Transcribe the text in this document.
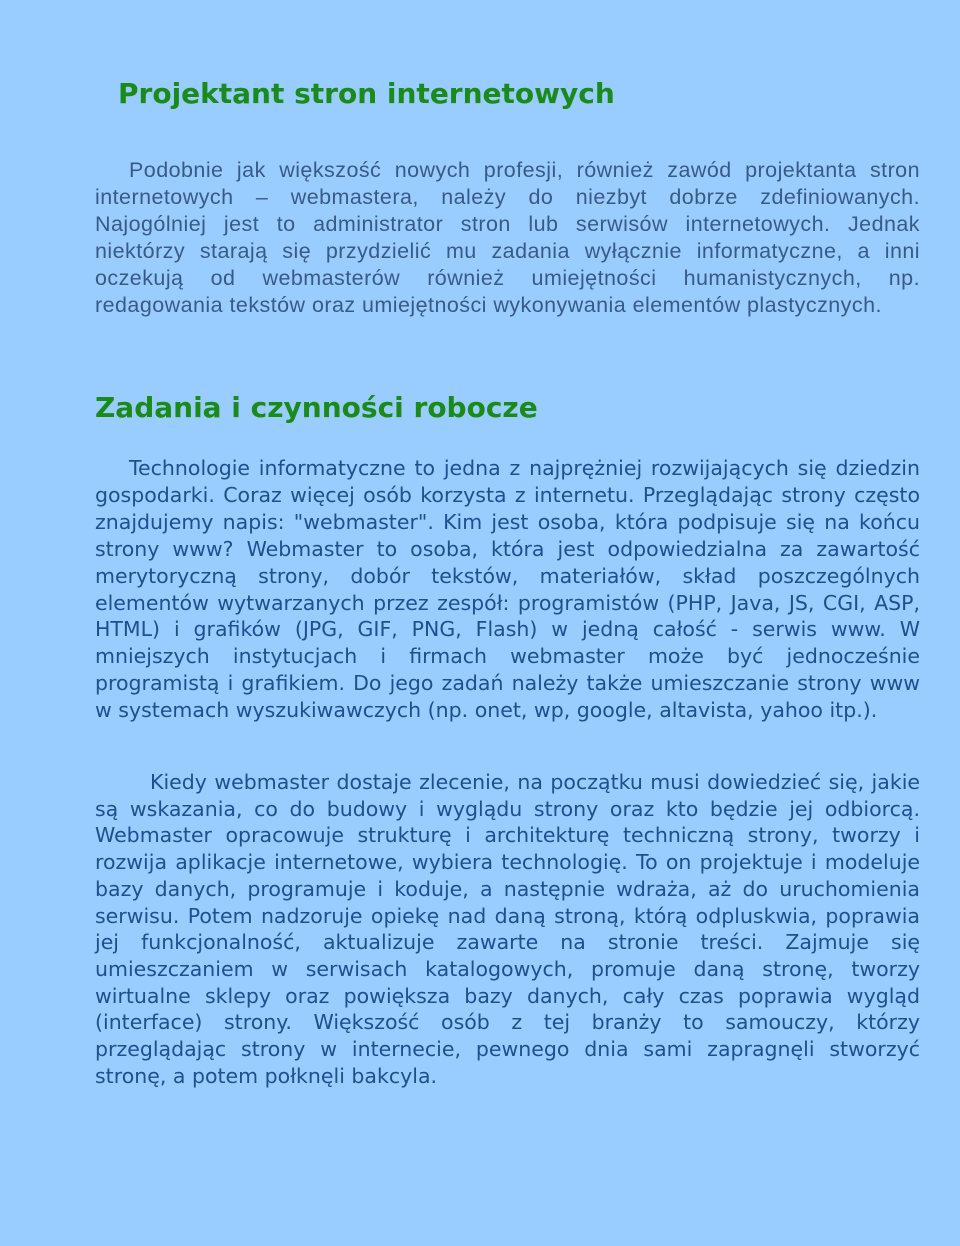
Projektant stron internetowych

Podobnie jak większość nowych profesji, również zawód projektanta stron internetowych – webmastera, należy do niezbyt dobrze zdefiniowanych. Najogólniej jest to administrator stron lub serwisów internetowych. Jednak niektórzy starają się przydzielić mu zadania wyłącznie informatyczne, a inni oczekują od webmasterów również umiejętności humanistycznych, np. redagowania tekstów oraz umiejętności wykonywania elementów plastycznych.

Zadania i czynności robocze

Technologie informatyczne to jedna z najprężniej rozwijających się dziedzin gospodarki. Coraz więcej osób korzysta z internetu. Przeglądając strony często znajdujemy napis: "webmaster". Kim jest osoba, która podpisuje się na końcu strony www? Webmaster to osoba, która jest odpowiedzialna za zawartość merytoryczną strony, dobór tekstów, materiałów, skład poszczególnych elementów wytwarzanych przez zespół: programistów (PHP, Java, JS, CGI, ASP, HTML) i grafików (JPG, GIF, PNG, Flash) w jedną całość - serwis www. W mniejszych instytucjach i firmach webmaster może być jednocześnie programistą i grafikiem. Do jego zadań należy także umieszczanie strony www w systemach wyszukiwawczych (np. onet, wp, google, altavista, yahoo itp.).

Kiedy webmaster dostaje zlecenie, na początku musi dowiedzieć się, jakie są wskazania, co do budowy i wyglądu strony oraz kto będzie jej odbiorcą. Webmaster opracowuje strukturę i architekturę techniczną strony, tworzy i rozwija aplikacje internetowe, wybiera technologię. To on projektuje i modeluje bazy danych, programuje i koduje, a następnie wdraża, aż do uruchomienia serwisu. Potem nadzoruje opiekę nad daną stroną, którą odpluskwia, poprawia jej funkcjonalność, aktualizuje zawarte na stronie treści. Zajmuje się umieszczaniem w serwisach katalogowych, promuje daną stronę, tworzy wirtualne sklepy oraz powiększa bazy danych, cały czas poprawia wygląd (interface) strony. Większość osób z tej branży to samouczy, którzy przeglądając strony w internecie, pewnego dnia sami zapragnęli stworzyć stronę, a potem połknęli bakcyla.
